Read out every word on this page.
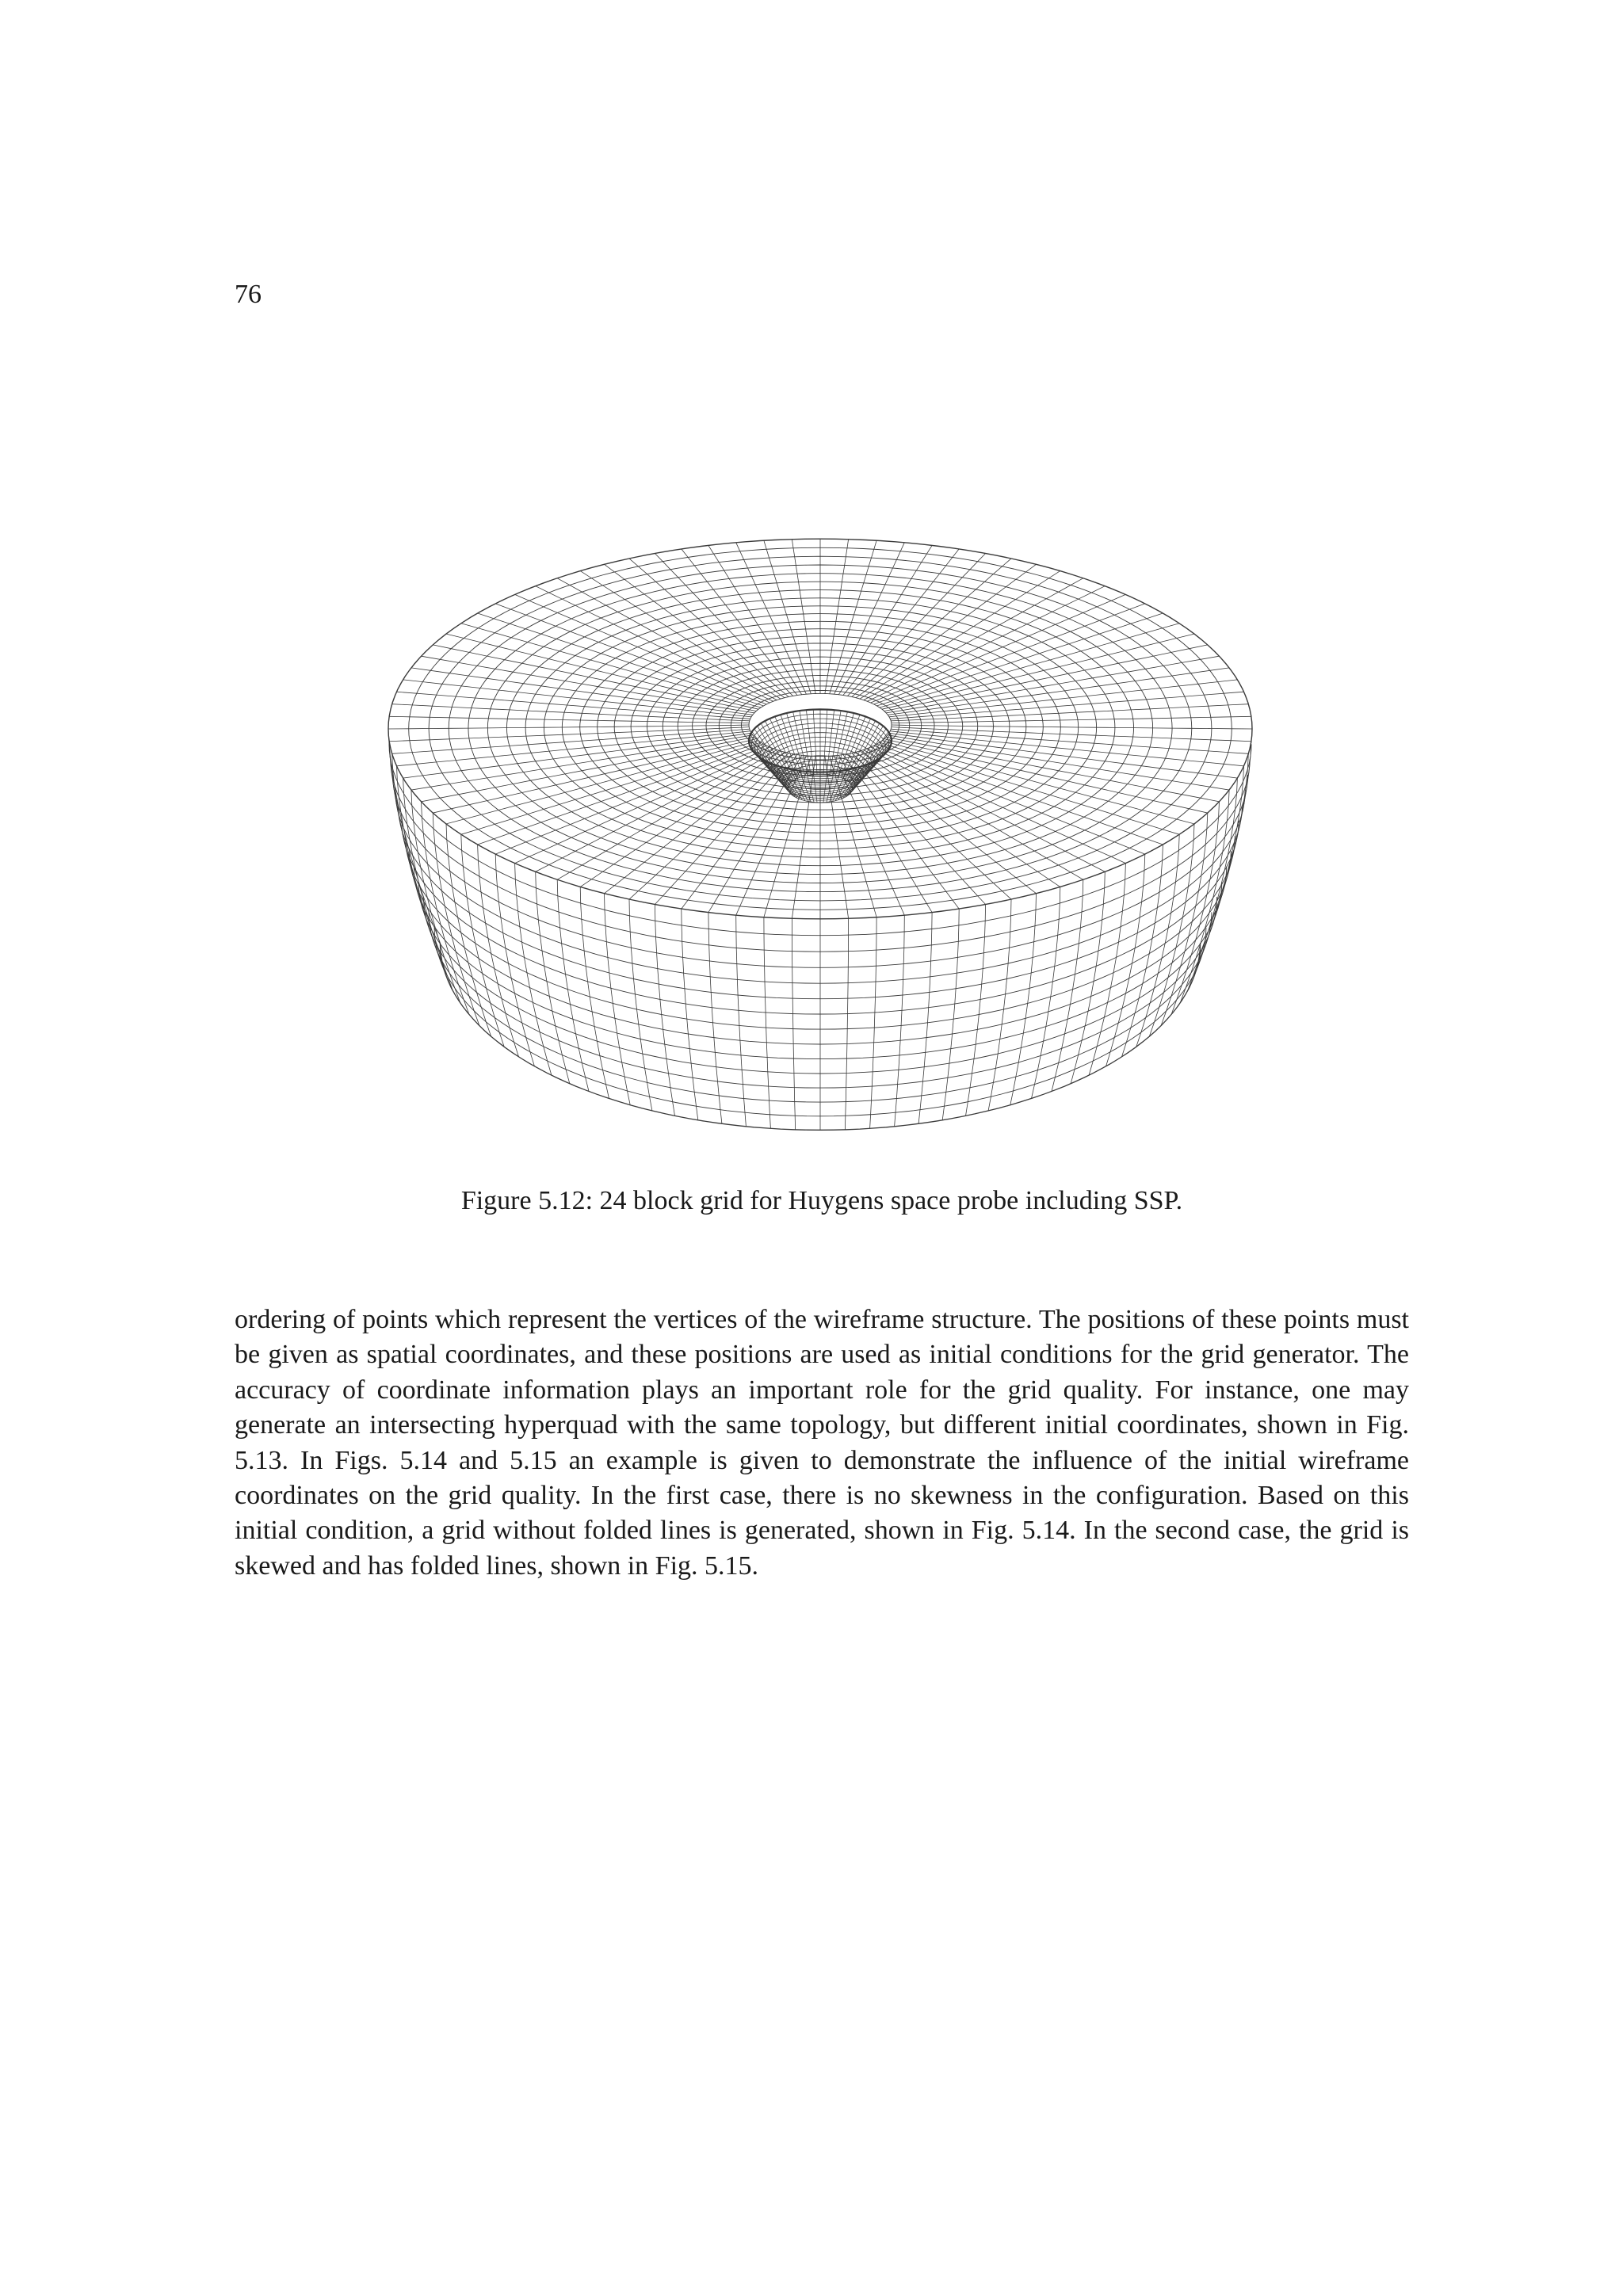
76
Figure 5.12: 24 block grid for Huygens space probe including SSP.

ordering of points which represent the vertices of the wireframe structure. The positions of these points must be given as spatial coordinates, and these positions are used as initial conditions for the grid generator. The accuracy of coordinate information plays an important role for the grid quality. For instance, one may generate an intersecting hyperquad with the same topology, but different initial coordinates, shown in Fig. 5.13. In Figs. 5.14 and 5.15 an example is given to demonstrate the influence of the initial wireframe coordinates on the grid quality. In the first case, there is no skewness in the configuration. Based on this initial condition, a grid without folded lines is generated, shown in Fig. 5.14. In the second case, the grid is skewed and has folded lines, shown in Fig. 5.15.
